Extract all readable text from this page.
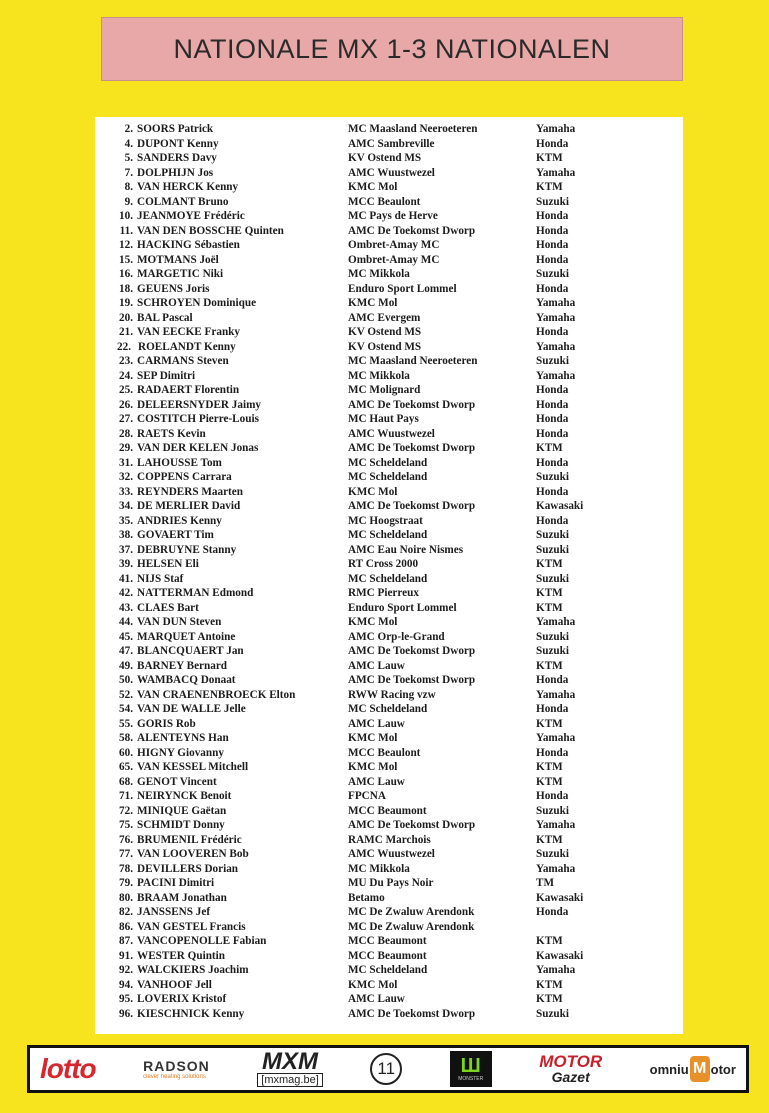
NATIONALE MX 1-3 NATIONALEN
2. SOORS Patrick	MC Maasland Neeroeteren	Yamaha
4. DUPONT Kenny	AMC Sambreville	Honda
5. SANDERS Davy	KV Ostend MS	KTM
7. DOLPHIJN Jos	AMC Wuustwezel	Yamaha
8. VAN HERCK Kenny	KMC Mol	KTM
9. COLMANT Bruno	MCC Beaulont	Suzuki
10. JEANMOYE Frédéric	MC Pays de Herve	Honda
11. VAN DEN BOSSCHE Quinten	AMC De Toekomst Dworp	Honda
12. HACKING Sébastien	Ombret-Amay MC	Honda
15. MOTMANS Joël	Ombret-Amay MC	Honda
16. MARGETIC Niki	MC Mikkola	Suzuki
18. GEUENS Joris	Enduro Sport Lommel	Honda
19. SCHROYEN Dominique	KMC Mol	Yamaha
20. BAL Pascal	AMC Evergem	Yamaha
21. VAN EECKE Franky	KV Ostend MS	Honda
22. ROELANDT Kenny	KV Ostend MS	Yamaha
23. CARMANS Steven	MC Maasland Neeroeteren	Suzuki
24. SEP Dimitri	MC Mikkola	Yamaha
25. RADAERT Florentin	MC Molignard	Honda
26. DELEERSNYDER Jaimy	AMC De Toekomst Dworp	Honda
27. COSTITCH Pierre-Louis	MC Haut Pays	Honda
28. RAETS Kevin	AMC Wuustwezel	Honda
29. VAN DER KELEN Jonas	AMC De Toekomst Dworp	KTM
31. LAHOUSSE Tom	MC Scheldeland	Honda
32. COPPENS Carrara	MC Scheldeland	Suzuki
33. REYNDERS Maarten	KMC Mol	Honda
34. DE MERLIER David	AMC De Toekomst Dworp	Kawasaki
35. ANDRIES Kenny	MC Hoogstraat	Honda
38. GOVAERT Tim	MC Scheldeland	Suzuki
37. DEBRUYNE Stanny	AMC Eau Noire Nismes	Suzuki
39. HELSEN Eli	RT Cross 2000	KTM
41. NIJS Staf	MC Scheldeland	Suzuki
42. NATTERMAN Edmond	RMC Pierreux	KTM
43. CLAES Bart	Enduro Sport Lommel	KTM
44. VAN DUN Steven	KMC Mol	Yamaha
45. MARQUET Antoine	AMC Orp-le-Grand	Suzuki
47. BLANCQUAERT Jan	AMC De Toekomst Dworp	Suzuki
49. BARNEY Bernard	AMC Lauw	KTM
50. WAMBACQ Donaat	AMC De Toekomst Dworp	Honda
52. VAN CRAENENBROECK Elton	RWW Racing vzw	Yamaha
54. VAN DE WALLE Jelle	MC Scheldeland	Honda
55. GORIS Rob	AMC Lauw	KTM
58. ALENTEYNS Han	KMC Mol	Yamaha
60. HIGNY Giovanny	MCC Beaulont	Honda
65. VAN KESSEL Mitchell	KMC Mol	KTM
68. GENOT Vincent	AMC Lauw	KTM
71. NEIRYNCK Benoit	FPCNA	Honda
72. MINIQUE Gaëtan	MCC Beaumont	Suzuki
75. SCHMIDT Donny	AMC De Toekomst Dworp	Yamaha
76. BRUMENIL Frédéric	RAMC Marchois	KTM
77. VAN LOOVEREN Bob	AMC Wuustwezel	Suzuki
78. DEVILLERS Dorian	MC Mikkola	Yamaha
79. PACINI Dimitri	MU Du Pays Noir	TM
80. BRAAM Jonathan	Betamo	Kawasaki
82. JANSSENS Jef	MC De Zwaluw Arendonk	Honda
86. VAN GESTEL Francis	MC De Zwaluw Arendonk
87. VANCOPENOLLE Fabian	MCC Beaumont	KTM
91. WESTER Quintin	MCC Beaumont	Kawasaki
92. WALCKIERS Joachim	MC Scheldeland	Yamaha
94. VANHOOF Jell	KMC Mol	KTM
95. LOVERIX Kristof	AMC Lauw	KTM
96. KIESCHNICK Kenny	AMC De Toekomst Dworp	Suzuki
lotto	RADSON
clever heating solutions
MXM
[mxmag.be]
11	Ш
MONSTER
MOTOR
Gazet	omniu M otor
